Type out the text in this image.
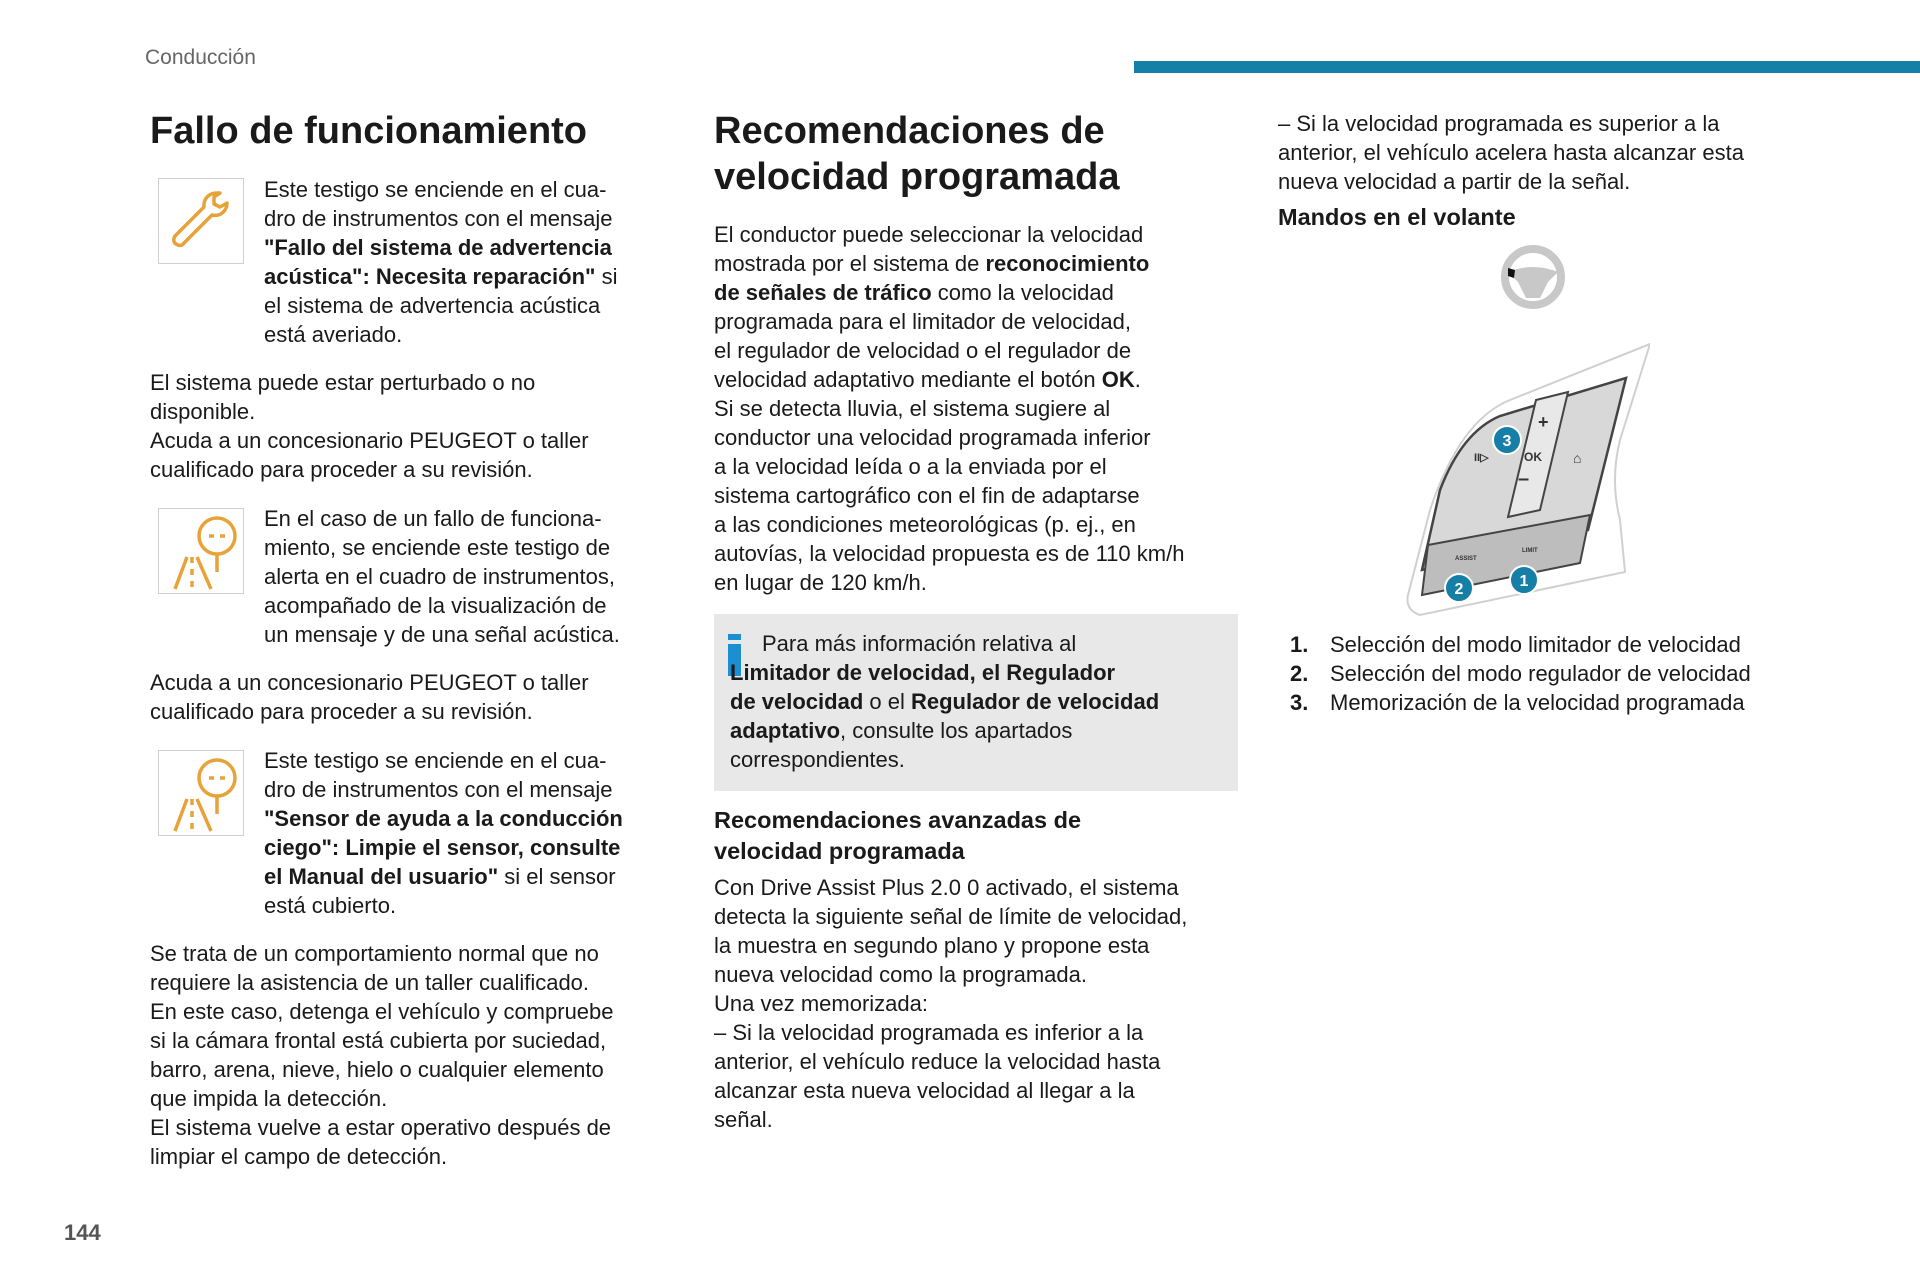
Conducción
Fallo de funcionamiento
Este testigo se enciende en el cua-
dro de instrumentos con el mensaje
"Fallo del sistema de advertencia
acústica": Necesita reparación" si
el sistema de advertencia acústica
está averiado.
El sistema puede estar perturbado o no
disponible.
Acuda a un concesionario PEUGEOT o taller
cualificado para proceder a su revisión.
En el caso de un fallo de funciona-
miento, se enciende este testigo de
alerta en el cuadro de instrumentos,
acompañado de la visualización de
un mensaje y de una señal acústica.
Acuda a un concesionario PEUGEOT o taller
cualificado para proceder a su revisión.
Este testigo se enciende en el cua-
dro de instrumentos con el mensaje
"Sensor de ayuda a la conducción
ciego": Limpie el sensor, consulte
el Manual del usuario" si el sensor
está cubierto.
Se trata de un comportamiento normal que no
requiere la asistencia de un taller cualificado.
En este caso, detenga el vehículo y compruebe
si la cámara frontal está cubierta por suciedad,
barro, arena, nieve, hielo o cualquier elemento
que impida la detección.
El sistema vuelve a estar operativo después de
limpiar el campo de detección.
Recomendaciones de
velocidad programada
El conductor puede seleccionar la velocidad
mostrada por el sistema de reconocimiento
de señales de tráfico como la velocidad
programada para el limitador de velocidad,
el regulador de velocidad o el regulador de
velocidad adaptativo mediante el botón OK.
Si se detecta lluvia, el sistema sugiere al
conductor una velocidad programada inferior
a la velocidad leída o a la enviada por el
sistema cartográfico con el fin de adaptarse
a las condiciones meteorológicas (p. ej., en
autovías, la velocidad propuesta es de 110 km/h
en lugar de 120 km/h.
Para más información relativa al
Limitador de velocidad, el Regulador
de velocidad o el Regulador de velocidad
adaptativo, consulte los apartados
correspondientes.
Recomendaciones avanzadas de
velocidad programada
Con Drive Assist Plus 2.0 0 activado, el sistema
detecta la siguiente señal de límite de velocidad,
la muestra en segundo plano y propone esta
nueva velocidad como la programada.
Una vez memorizada:
– Si la velocidad programada es inferior a la
anterior, el vehículo reduce la velocidad hasta
alcanzar esta nueva velocidad al llegar a la
señal.
– Si la velocidad programada es superior a la
anterior, el vehículo acelera hasta alcanzar esta
nueva velocidad a partir de la señal.
Mandos en el volante
+
–
OK
II▷	⌂
ASSIST
LIMIT
1
2
3
1. Selección del modo limitador de velocidad
2. Selección del modo regulador de velocidad
3. Memorización de la velocidad programada
144
